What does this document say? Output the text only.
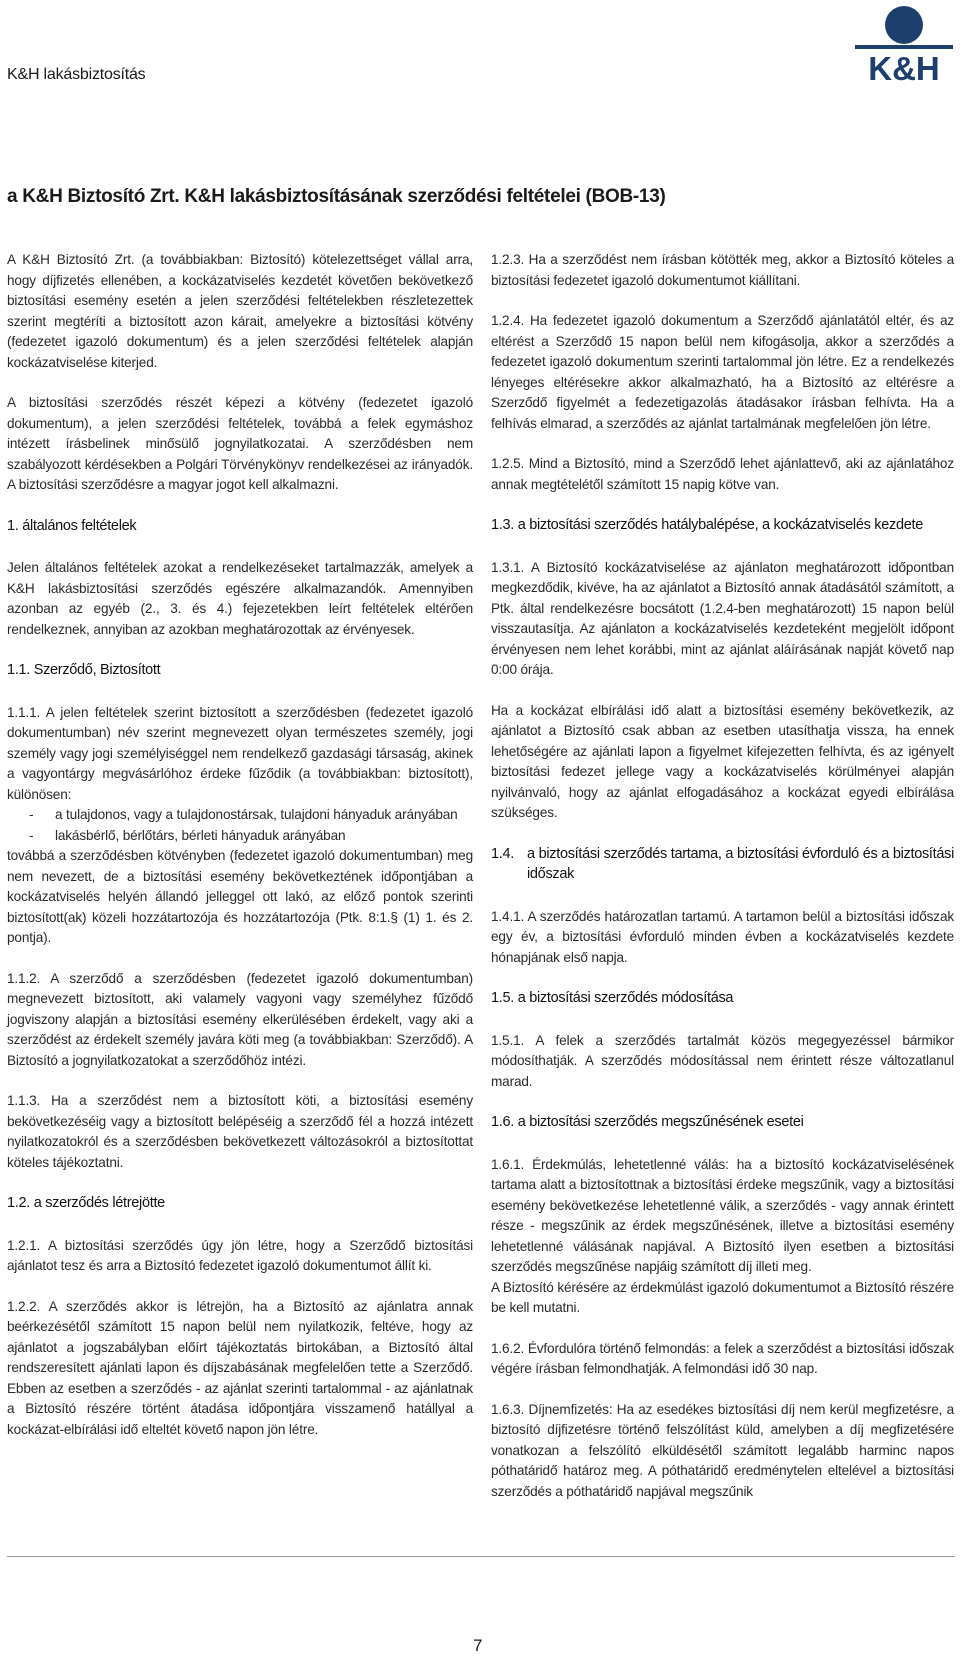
K&H lakásbiztosítás	K&H
a K&H Biztosító Zrt. K&H lakásbiztosításának szerződési feltételei (BOB-13)

A K&H Biztosító Zrt. (a továbbiakban: Biztosító) kötelezettséget vállal arra, hogy díjfizetés ellenében, a kockázatviselés kezdetét követően bekövetkező biztosítási esemény esetén a jelen szerződési feltételekben részletezettek szerint megtéríti a biztosított azon kárait, amelyekre a biztosítási kötvény (fedezetet igazoló dokumentum) és a jelen szerződési feltételek alapján kockázatviselése kiterjed.

A biztosítási szerződés részét képezi a kötvény (fedezetet igazoló dokumentum), a jelen szerződési feltételek, továbbá a felek egymáshoz intézett írásbelinek minősülő jognyilatkozatai. A szerződésben nem szabályozott kérdésekben a Polgári Törvénykönyv rendelkezései az irányadók. A biztosítási szerződésre a magyar jogot kell alkalmazni.

1. általános feltételek

Jelen általános feltételek azokat a rendelkezéseket tartalmazzák, amelyek a K&H lakásbiztosítási szerződés egészére alkalmazandók. Amennyiben azonban az egyéb (2., 3. és 4.) fejezetekben leírt feltételek eltérően rendelkeznek, annyiban az azokban meghatározottak az érvényesek.

1.1. Szerződő, Biztosított

1.1.1. A jelen feltételek szerint biztosított a szerződésben (fedezetet igazoló dokumentumban) név szerint megnevezett olyan természetes személy, jogi személy vagy jogi személyiséggel nem rendelkező gazdasági társaság, akinek a vagyontárgy megvásárlóhoz érdeke fűződik (a továbbiakban: biztosított), különösen:

-	a tulajdonos, vagy a tulajdonostársak, tulajdoni hányaduk arányában
-	lakásbérlő, bérlőtárs, bérleti hányaduk arányában

továbbá a szerződésben kötvényben (fedezetet igazoló dokumentumban) meg nem nevezett, de a biztosítási esemény bekövetkeztének időpontjában a kockázatviselés helyén állandó jelleggel ott lakó, az előző pontok szerinti biztosított(ak) közeli hozzátartozója és hozzátartozója (Ptk. 8:1.§ (1) 1. és 2. pontja).

1.1.2. A szerződő a szerződésben (fedezetet igazoló dokumentumban) megnevezett biztosított, aki valamely vagyoni vagy személyhez fűződő jogviszony alapján a biztosítási esemény elkerülésében érdekelt, vagy aki a szerződést az érdekelt személy javára köti meg (a továbbiakban: Szerződő). A Biztosító a jognyilatkozatokat a szerződőhöz intézi.

1.1.3. Ha a szerződést nem a biztosított köti, a biztosítási esemény bekövetkezéséig vagy a biztosított belépéséig a szerződő fél a hozzá intézett nyilatkozatokról és a szerződésben bekövetkezett változásokról a biztosítottat köteles tájékoztatni.

1.2. a szerződés létrejötte

1.2.1. A biztosítási szerződés úgy jön létre, hogy a Szerződő biztosítási ajánlatot tesz és arra a Biztosító fedezetet igazoló dokumentumot állít ki.

1.2.2. A szerződés akkor is létrejön, ha a Biztosító az ajánlatra annak beérkezésétől számított 15 napon belül nem nyilatkozik, feltéve, hogy az ajánlatot a jogszabályban előírt tájékoztatás birtokában, a Biztosító által rendszeresített ajánlati lapon és díjszabásának megfelelően tette a Szerződő. Ebben az esetben a szerződés - az ajánlat szerinti tartalommal - az ajánlatnak a Biztosító részére történt átadása időpontjára visszamenő hatállyal a kockázat-elbírálási idő elteltét követő napon jön létre.

1.2.3. Ha a szerződést nem írásban kötötték meg, akkor a Biztosító köteles a biztosítási fedezetet igazoló dokumentumot kiállítani.

1.2.4. Ha fedezetet igazoló dokumentum a Szerződő ajánlatától eltér, és az eltérést a Szerződő 15 napon belül nem kifogásolja, akkor a szerződés a fedezetet igazoló dokumentum szerinti tartalommal jön létre. Ez a rendelkezés lényeges eltérésekre akkor alkalmazható, ha a Biztosító az eltérésre a Szerződő figyelmét a fedezetigazolás átadásakor írásban felhívta. Ha a felhívás elmarad, a szerződés az ajánlat tartalmának megfelelően jön létre.

1.2.5. Mind a Biztosító, mind a Szerződő lehet ajánlattevő, aki az ajánlatához annak megtételétől számított 15 napig kötve van.

1.3. a biztosítási szerződés hatálybalépése, a kockázatviselés kezdete

1.3.1. A Biztosító kockázatviselése az ajánlaton meghatározott időpontban megkezdődik, kivéve, ha az ajánlatot a Biztosító annak átadásától számított, a Ptk. által rendelkezésre bocsátott (1.2.4-ben meghatározott) 15 napon belül visszautasítja. Az ajánlaton a kockázatviselés kezdeteként megjelölt időpont érvényesen nem lehet korábbi, mint az ajánlat aláírásának napját követő nap 0:00 órája.

Ha a kockázat elbírálási idő alatt a biztosítási esemény bekövetkezik, az ajánlatot a Biztosító csak abban az esetben utasíthatja vissza, ha ennek lehetőségére az ajánlati lapon a figyelmet kifejezetten felhívta, és az igényelt biztosítási fedezet jellege vagy a kockázatviselés körülményei alapján nyilvánvaló, hogy az ajánlat elfogadásához a kockázat egyedi elbírálása szükséges.

1.4. a biztosítási szerződés tartama, a biztosítási évforduló és a biztosítási időszak

1.4.1. A szerződés határozatlan tartamú. A tartamon belül a biztosítási időszak egy év, a biztosítási évforduló minden évben a kockázatviselés kezdete hónapjának első napja.

1.5. a biztosítási szerződés módosítása

1.5.1. A felek a szerződés tartalmát közös megegyezéssel bármikor módosíthatják. A szerződés módosítással nem érintett része változatlanul marad.

1.6. a biztosítási szerződés megszűnésének esetei

1.6.1. Érdekmúlás, lehetetlenné válás: ha a biztosító kockázatviselésének tartama alatt a biztosítottnak a biztosítási érdeke megszűnik, vagy a biztosítási esemény bekövetkezése lehetetlenné válik, a szerződés - vagy annak érintett része - megszűnik az érdek megszűnésének, illetve a biztosítási esemény lehetetlenné válásának napjával. A Biztosító ilyen esetben a biztosítási szerződés megszűnése napjáig számított díj illeti meg.

A Biztosító kérésére az érdekmúlást igazoló dokumentumot a Biztosító részére be kell mutatni.

1.6.2. Évfordulóra történő felmondás: a felek a szerződést a biztosítási időszak végére írásban felmondhatják. A felmondási idő 30 nap.

1.6.3. Díjnemfizetés: Ha az esedékes biztosítási díj nem kerül megfizetésre, a biztosító díjfizetésre történő felszólítást küld, amelyben a díj megfizetésére vonatkozan a felszólító elküldésétől számított legalább harminc napos póthatáridő határoz meg. A póthatáridő eredménytelen eltelével a biztosítási szerződés a póthatáridő napjával megszűnik

7
